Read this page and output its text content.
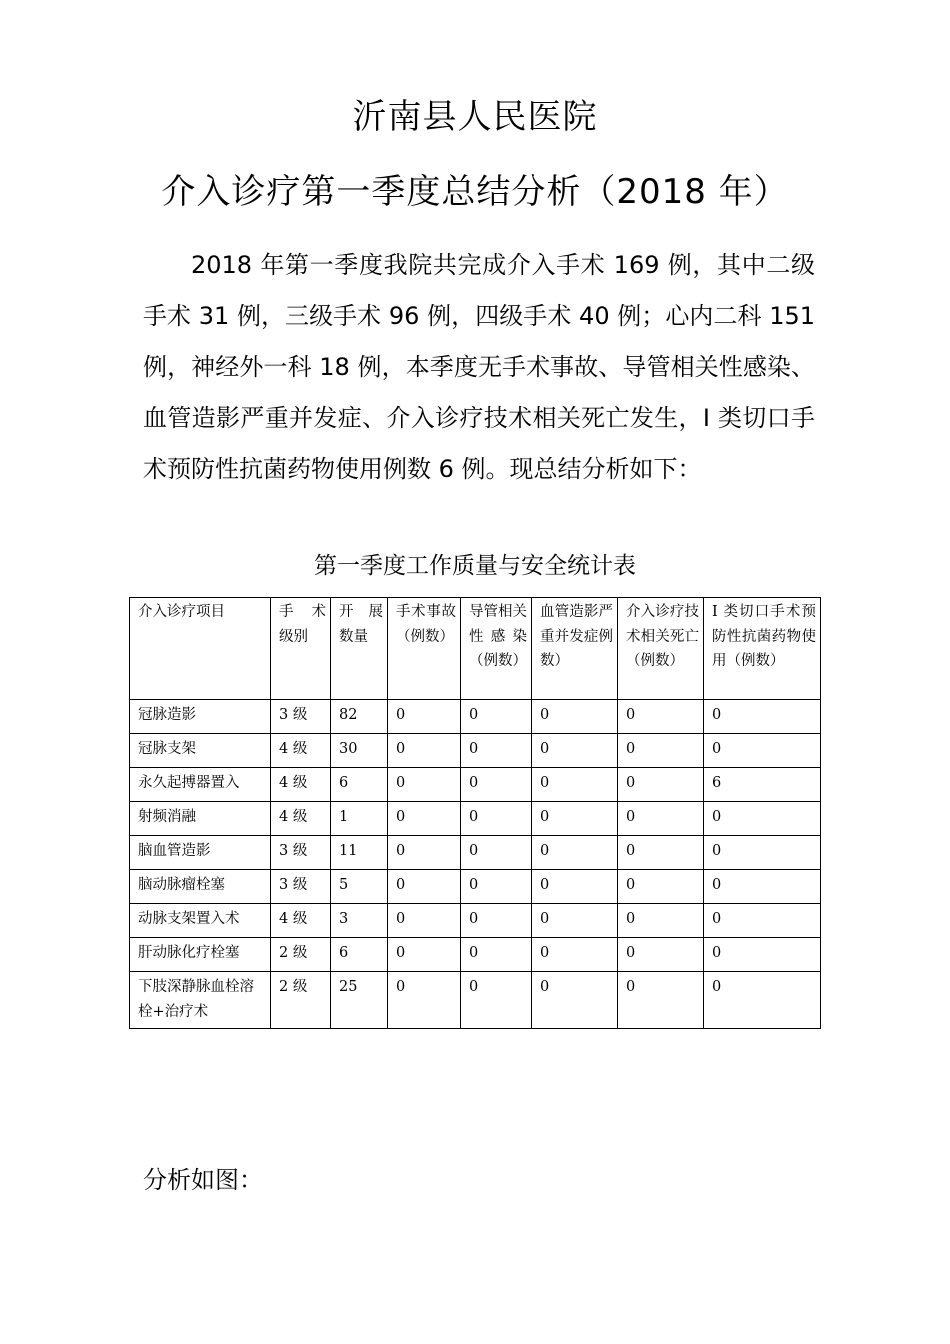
沂南县人民医院
介入诊疗第一季度总结分析（2018 年）

2018 年第一季度我院共完成介入手术 169 例，其中二级手术 31 例，三级手术 96 例，四级手术 40 例；心内二科 151 例，神经外一科 18 例，本季度无手术事故、导管相关性感染、血管造影严重并发症、介入诊疗技术相关死亡发生，I 类切口手术预防性抗菌药物使用例数 6 例。现总结分析如下：

第一季度工作质量与安全统计表
介入诊疗项目	手 术级别	开 展数量	手术事故（例数）	导管相关性感染（例数）	血管造影严重并发症例数）	介入诊疗技术相关死亡（例数）	I 类切口手术预防性抗菌药物使用（例数）
冠脉造影	3 级	82	0	0	0	0	0
冠脉支架	4 级	30	0	0	0	0	0
永久起搏器置入	4 级	6	0	0	0	0	6
射频消融	4 级	1	0	0	0	0	0
脑血管造影	3 级	11	0	0	0	0	0
脑动脉瘤栓塞	3 级	5	0	0	0	0	0
动脉支架置入术	4 级	3	0	0	0	0	0
肝动脉化疗栓塞	2 级	6	0	0	0	0	0
下肢深静脉血栓溶栓+治疗术	2 级	25	0	0	0	0	0
分析如图：
